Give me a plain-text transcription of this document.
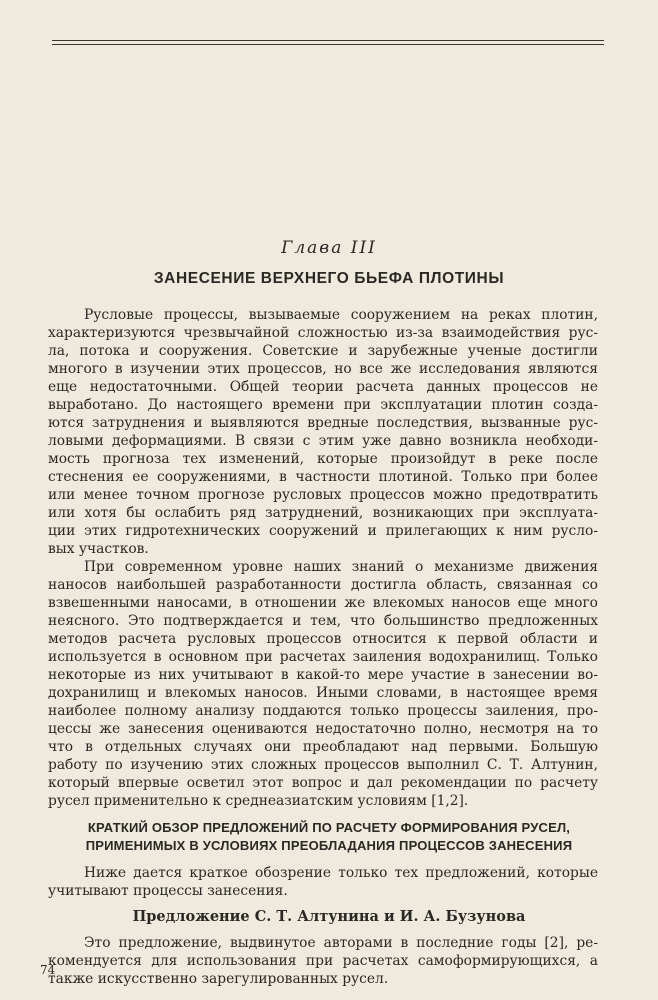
Глава III
ЗАНЕСЕНИЕ ВЕРХНЕГО БЬЕФА ПЛОТИНЫ
Русловые процессы, вызываемые сооружением на реках плотин,
характеризуются чрезвычайной сложностью из-за взаимодействия рус-
ла, потока и сооружения. Советские и зарубежные ученые достигли
многого в изучении этих процессов, но все же исследования являются
еще недостаточными. Общей теории расчета данных процессов не
выработано. До настоящего времени при эксплуатации плотин созда-
ются затруднения и выявляются вредные последствия, вызванные рус-
ловыми деформациями. В связи с этим уже давно возникла необходи-
мость прогноза тех изменений, которые произойдут в реке после
стеснения ее сооружениями, в частности плотиной. Только при более
или менее точном прогнозе русловых процессов можно предотвратить
или хотя бы ослабить ряд затруднений, возникающих при эксплуата-
ции этих гидротехнических сооружений и прилегающих к ним русло-
вых участков.
При современном уровне наших знаний о механизме движения
наносов наибольшей разработанности достигла область, связанная со
взвешенными наносами, в отношении же влекомых наносов еще много
неясного. Это подтверждается и тем, что большинство предложенных
методов расчета русловых процессов относится к первой области и
используется в основном при расчетах заиления водохранилищ. Только
некоторые из них учитывают в какой-то мере участие в занесении во-
дохранилищ и влекомых наносов. Иными словами, в настоящее время
наиболее полному анализу поддаются только процессы заиления, про-
цессы же занесения оцениваются недостаточно полно, несмотря на то
что в отдельных случаях они преобладают над первыми. Большую
работу по изучению этих сложных процессов выполнил С. Т. Алтунин,
который впервые осветил этот вопрос и дал рекомендации по расчету
русел применительно к среднеазиатским условиям [1,2].
КРАТКИЙ ОБЗОР ПРЕДЛОЖЕНИЙ ПО РАСЧЕТУ ФОРМИРОВАНИЯ РУСЕЛ,
ПРИМЕНИМЫХ В УСЛОВИЯХ ПРЕОБЛАДАНИЯ ПРОЦЕССОВ ЗАНЕСЕНИЯ
Ниже дается краткое обозрение только тех предложений, которые
учитывают процессы занесения.
Предложение С. Т. Алтунина и И. А. Бузунова
Это предложение, выдвинутое авторами в последние годы [2], ре-
комендуется для использования при расчетах самоформирующихся, а
также искусственно зарегулированных русел.
74
